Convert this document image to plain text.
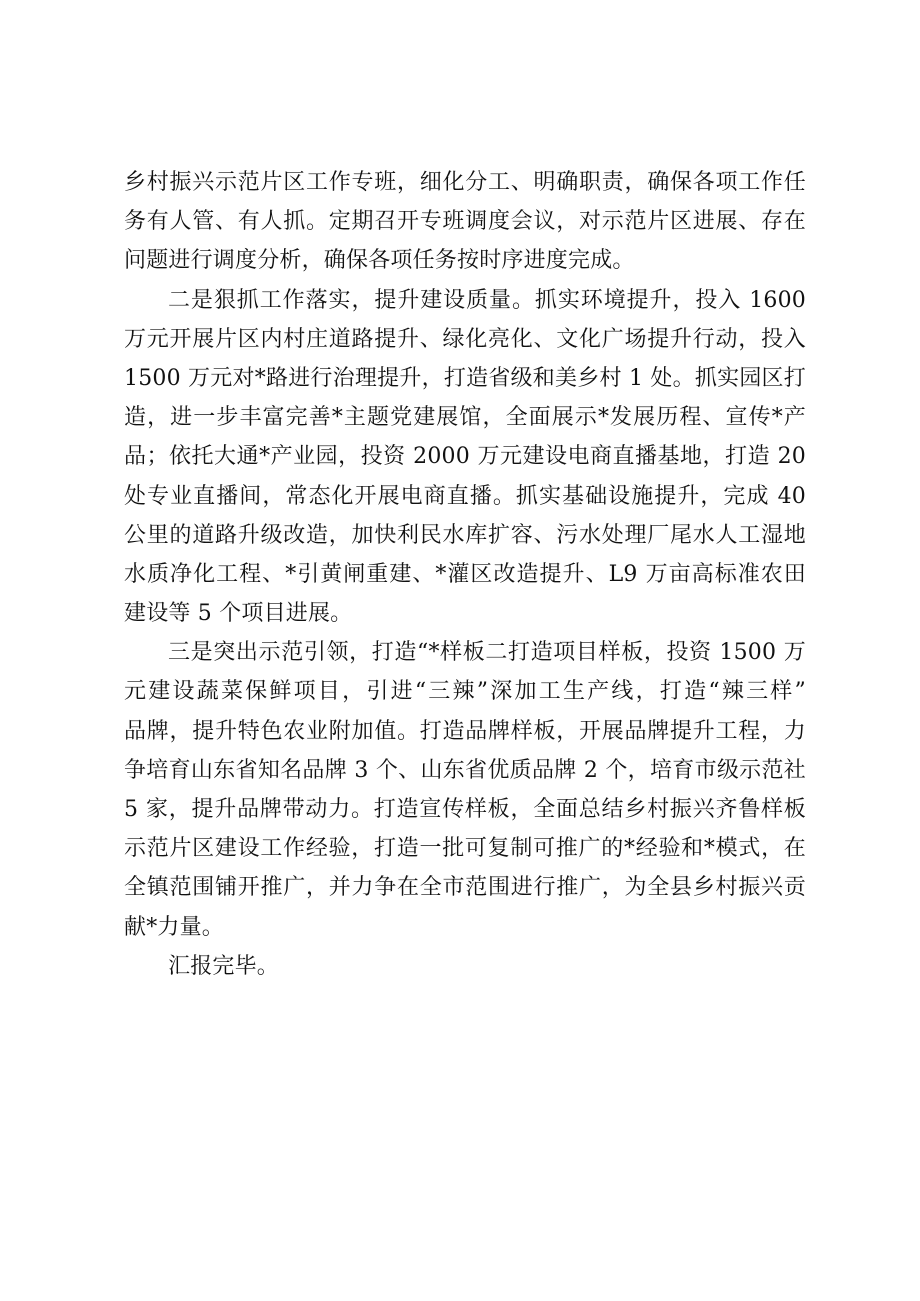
乡村振兴示范片区工作专班，细化分工、明确职责，确保各项工作任
务有人管、有人抓。定期召开专班调度会议，对示范片区进展、存在
问题进行调度分析，确保各项任务按时序进度完成。
二是狠抓工作落实，提升建设质量。抓实环境提升，投入 1600
万元开展片区内村庄道路提升、绿化亮化、文化广场提升行动，投入
1500 万元对*路进行治理提升，打造省级和美乡村 1 处。抓实园区打
造，进一步丰富完善*主题党建展馆，全面展示*发展历程、宣传*产
品；依托大通*产业园，投资 2000 万元建设电商直播基地，打造 20
处专业直播间，常态化开展电商直播。抓实基础设施提升，完成 40
公里的道路升级改造，加快利民水库扩容、污水处理厂尾水人工湿地
水质净化工程、*引黄闸重建、*灌区改造提升、L9 万亩高标准农田
建设等 5 个项目进展。
三是突出示范引领，打造“*样板二打造项目样板，投资 1500 万
元建设蔬菜保鲜项目，引进“三辣”深加工生产线，打造“辣三样”
品牌，提升特色农业附加值。打造品牌样板，开展品牌提升工程，力
争培育山东省知名品牌 3 个、山东省优质品牌 2 个，培育市级示范社
5 家，提升品牌带动力。打造宣传样板，全面总结乡村振兴齐鲁样板
示范片区建设工作经验，打造一批可复制可推广的*经验和*模式，在
全镇范围铺开推广，并力争在全市范围进行推广，为全县乡村振兴贡
献*力量。
汇报完毕。
